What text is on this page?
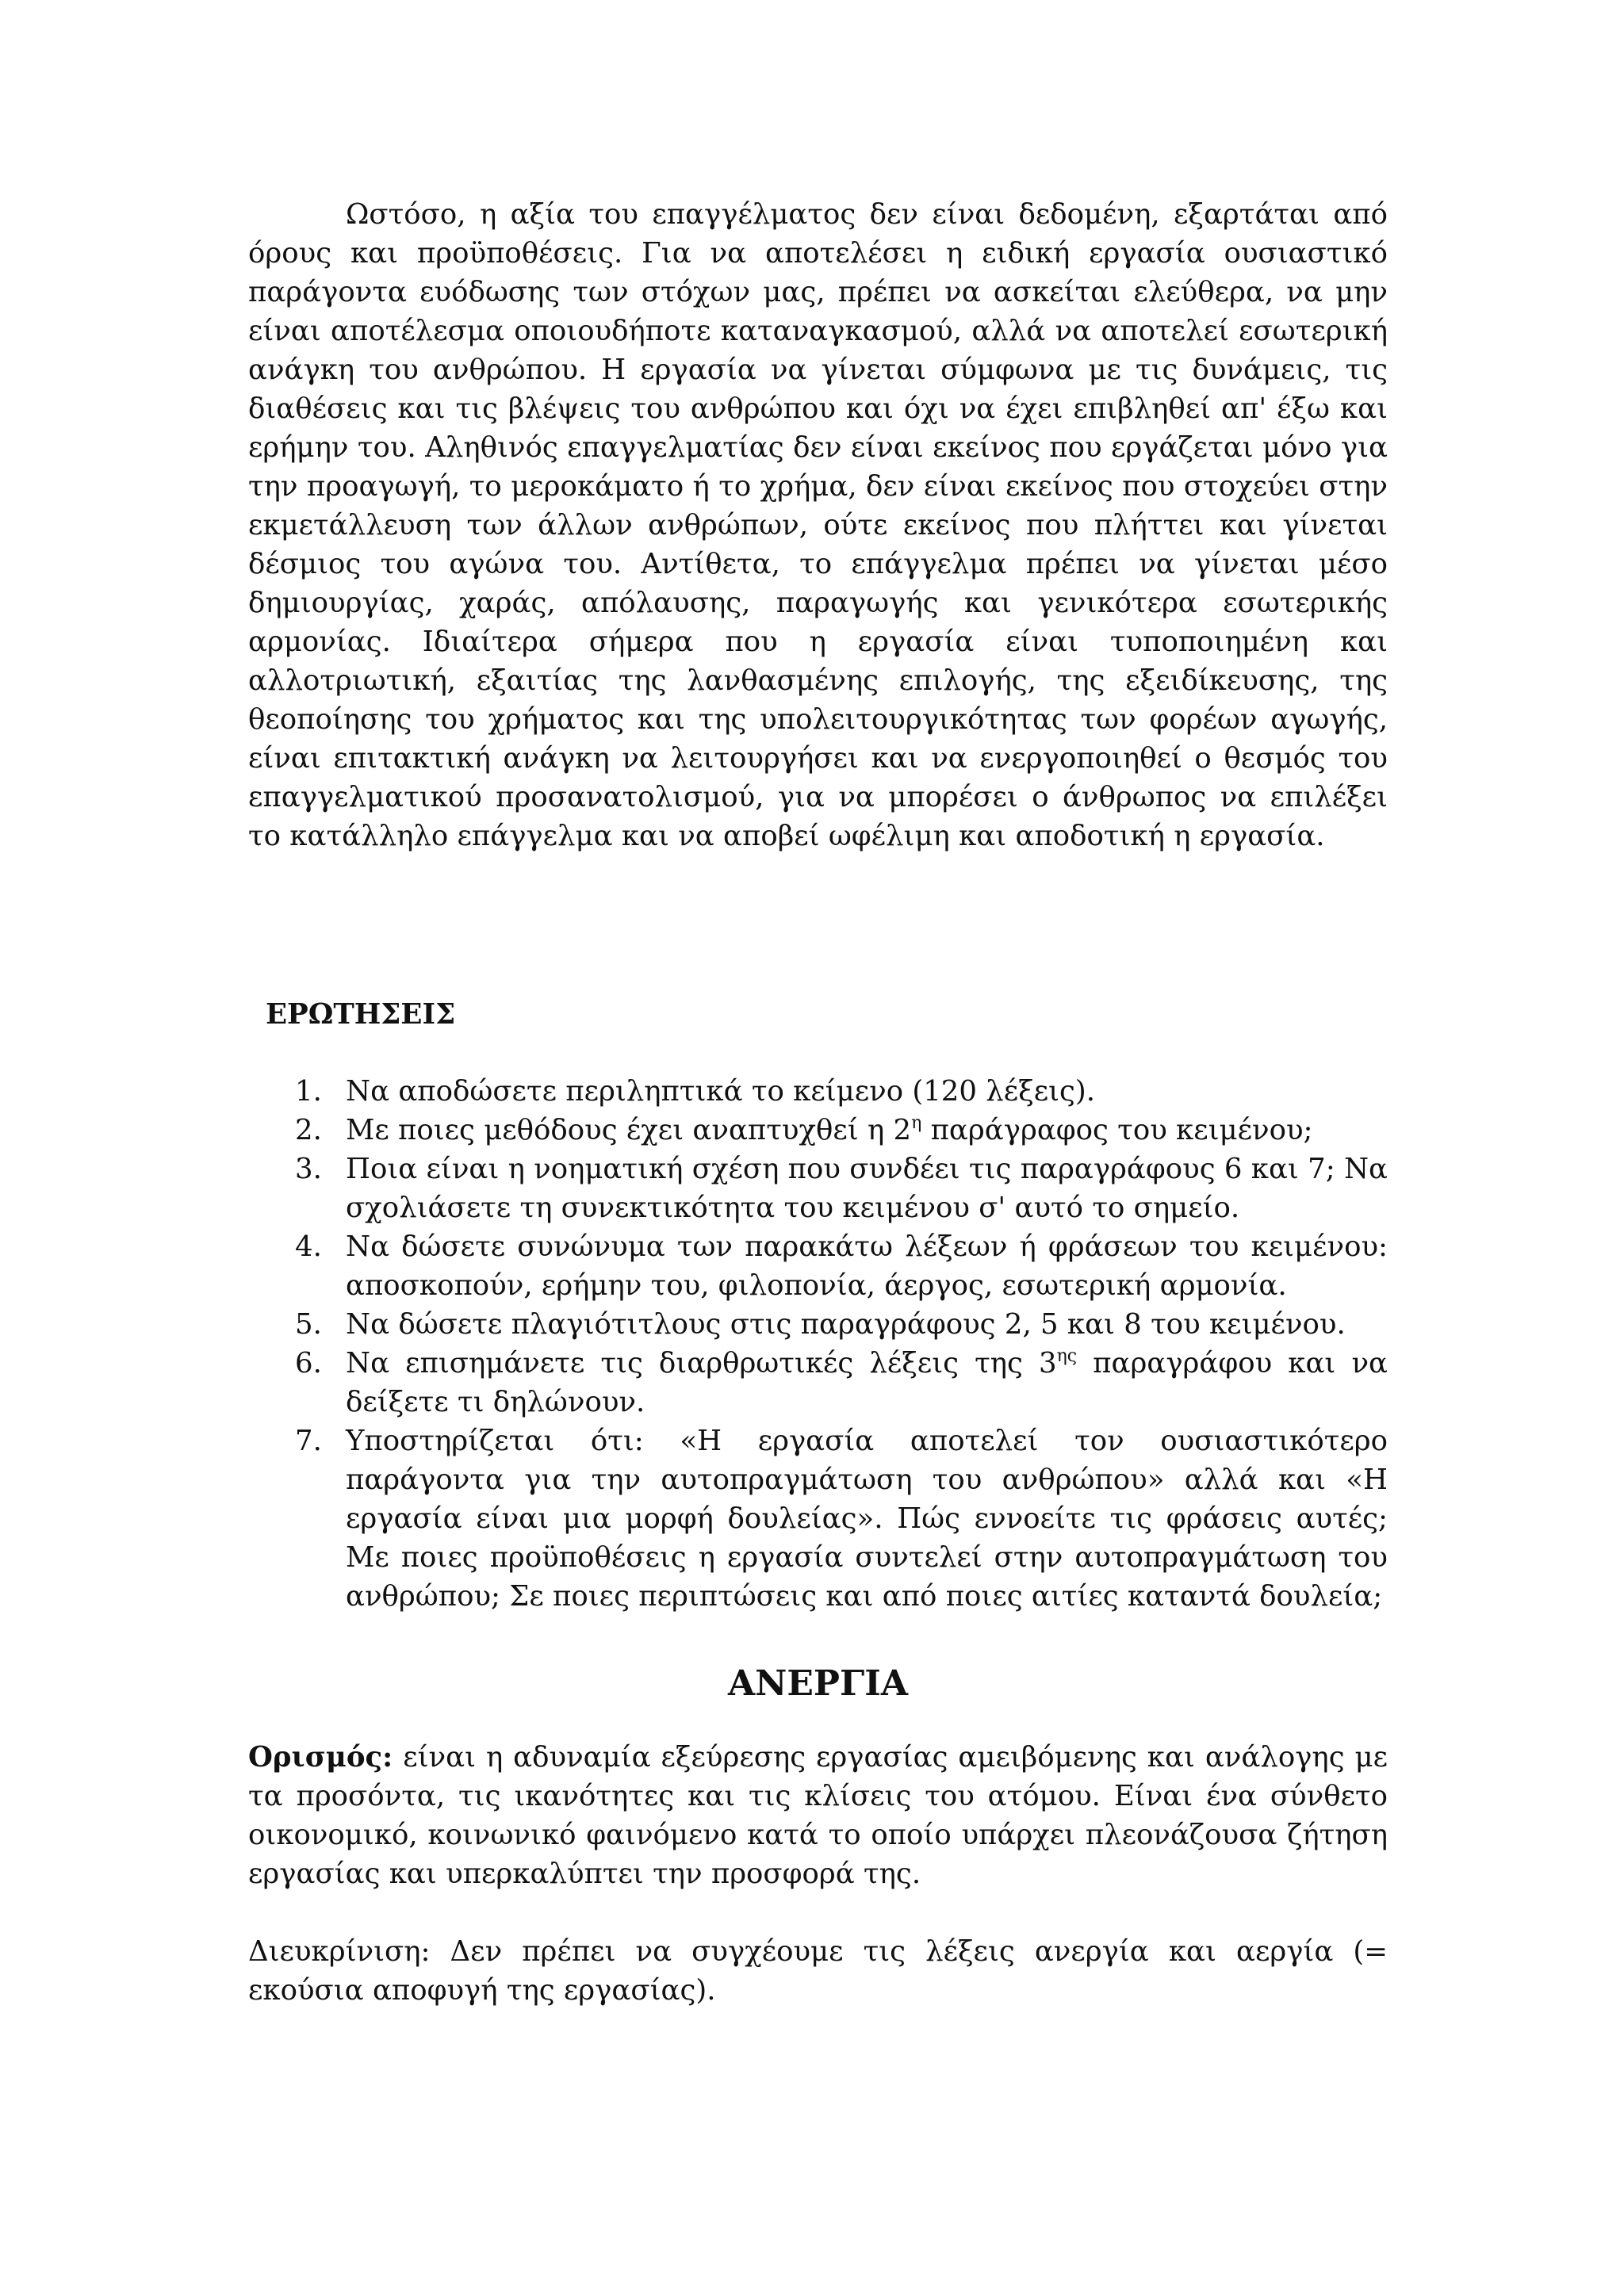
Ωστόσο, η αξία του επαγγέλματος δεν είναι δεδομένη, εξαρτάται από όρους και προϋποθέσεις. Για να αποτελέσει η ειδική εργασία ουσιαστικό παράγοντα ευόδωσης των στόχων μας, πρέπει να ασκείται ελεύθερα, να μην είναι αποτέλεσμα οποιουδήποτε καταναγκασμού, αλλά να αποτελεί εσωτερική ανάγκη του ανθρώπου. Η εργασία να γίνεται σύμφωνα με τις δυνάμεις, τις διαθέσεις και τις βλέψεις του ανθρώπου και όχι να έχει επιβληθεί απ' έξω και ερήμην του. Αληθινός επαγγελματίας δεν είναι εκείνος που εργάζεται μόνο για την προαγωγή, το μεροκάματο ή το χρήμα, δεν είναι εκείνος που στοχεύει στην εκμετάλλευση των άλλων ανθρώπων, ούτε εκείνος που πλήττει και γίνεται δέσμιος του αγώνα του. Αντίθετα, το επάγγελμα πρέπει να γίνεται μέσο δημιουργίας, χαράς, απόλαυσης, παραγωγής και γενικότερα εσωτερικής αρμονίας. Ιδιαίτερα σήμερα που η εργασία είναι τυποποιημένη και αλλοτριωτική, εξαιτίας της λανθασμένης επιλογής, της εξειδίκευσης, της θεοποίησης του χρήματος και της υπολειτουργικότητας των φορέων αγωγής, είναι επιτακτική ανάγκη να λειτουργήσει και να ενεργοποιηθεί ο θεσμός του επαγγελματικού προσανατολισμού, για να μπορέσει ο άνθρωπος να επιλέξει το κατάλληλο επάγγελμα και να αποβεί ωφέλιμη και αποδοτική η εργασία.

ΕΡΩΤΗΣΕΙΣ
1. Να αποδώσετε περιληπτικά το κείμενο (120 λέξεις).
2. Με ποιες μεθόδους έχει αναπτυχθεί η $2^\eta$ παράγραφος του κειμένου;
3. Ποια είναι η νοηματική σχέση που συνδέει τις παραγράφους 6 και 7; Να σχολιάσετε τη συνεκτικότητα του κειμένου σ' αυτό το σημείο.
4. Να δώσετε συνώνυμα των παρακάτω λέξεων ή φράσεων του κειμένου: αποσκοπούν, ερήμην του, φιλοπονία, άεργος, εσωτερική αρμονία.
5. Να δώσετε πλαγιότιτλους στις παραγράφους 2, 5 και 8 του κειμένου.
6. Να επισημάνετε τις διαρθρωτικές λέξεις της $3^{\eta\varsigma}$ παραγράφου και να δείξετε τι δηλώνουν.
7. Υποστηρίζεται ότι: «Η εργασία αποτελεί τον ουσιαστικότερο παράγοντα για την αυτοπραγμάτωση του ανθρώπου» αλλά και «Η εργασία είναι μια μορφή δουλείας». Πώς εννοείτε τις φράσεις αυτές; Με ποιες προϋποθέσεις η εργασία συντελεί στην αυτοπραγμάτωση του ανθρώπου; Σε ποιες περιπτώσεις και από ποιες αιτίες καταντά δουλεία;
ΑΝΕΡΓΙΑ

Ορισμός: είναι η αδυναμία εξεύρεσης εργασίας αμειβόμενης και ανάλογης με τα προσόντα, τις ικανότητες και τις κλίσεις του ατόμου. Είναι ένα σύνθετο οικονομικό, κοινωνικό φαινόμενο κατά το οποίο υπάρχει πλεονάζουσα ζήτηση εργασίας και υπερκαλύπτει την προσφορά της.

Διευκρίνιση: Δεν πρέπει να συγχέουμε τις λέξεις ανεργία και αεργία (= εκούσια αποφυγή της εργασίας).
